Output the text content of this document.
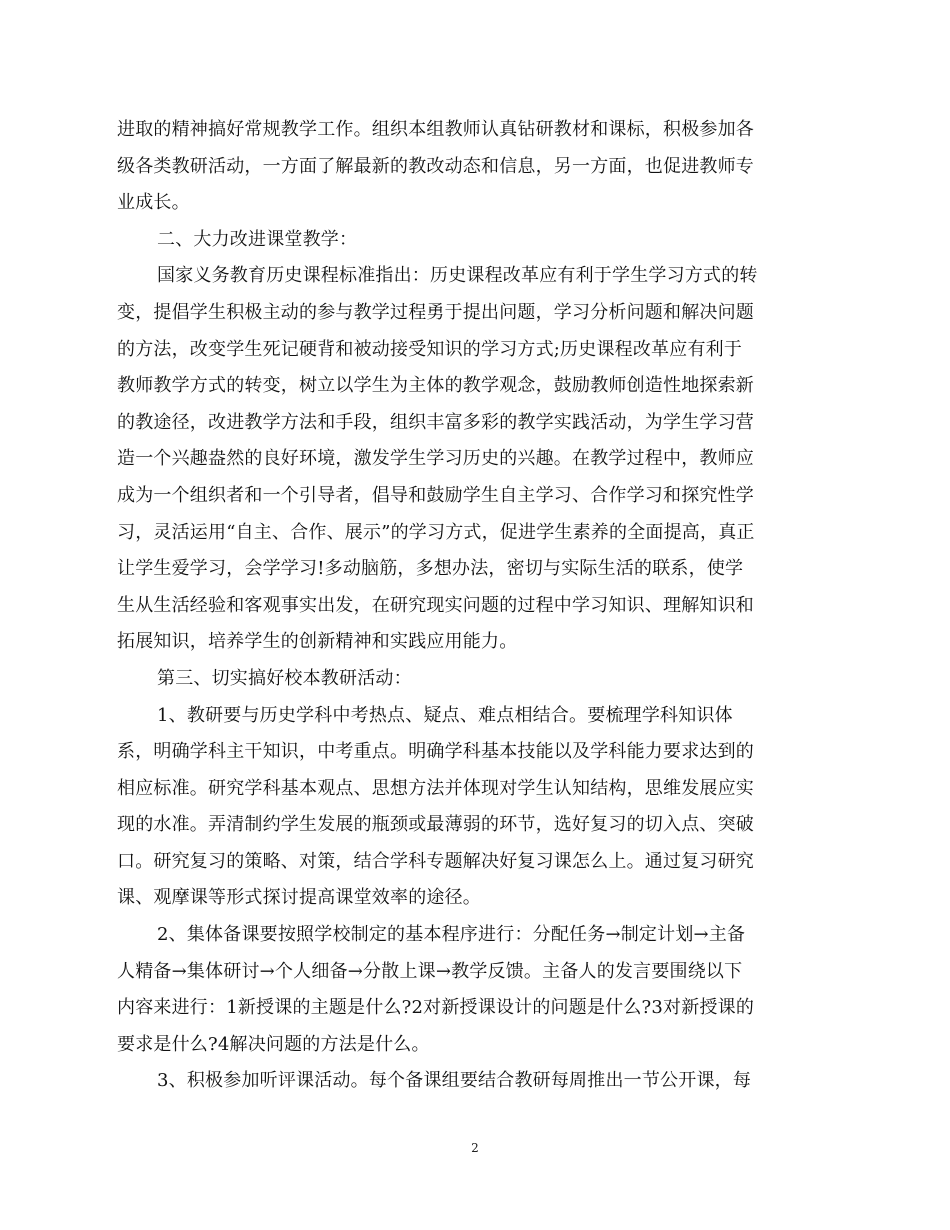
进取的精神搞好常规教学工作。组织本组教师认真钻研教材和课标，积极参加各
级各类教研活动，一方面了解最新的教改动态和信息，另一方面，也促进教师专
业成长。
二、大力改进课堂教学：
国家义务教育历史课程标准指出：历史课程改革应有利于学生学习方式的转
变，提倡学生积极主动的参与教学过程勇于提出问题，学习分析问题和解决问题
的方法，改变学生死记硬背和被动接受知识的学习方式;历史课程改革应有利于
教师教学方式的转变，树立以学生为主体的教学观念，鼓励教师创造性地探索新
的教途径，改进教学方法和手段，组织丰富多彩的教学实践活动，为学生学习营
造一个兴趣盎然的良好环境，激发学生学习历史的兴趣。在教学过程中，教师应
成为一个组织者和一个引导者，倡导和鼓励学生自主学习、合作学习和探究性学
习，灵活运用“自主、合作、展示”的学习方式，促进学生素养的全面提高，真正
让学生爱学习，会学学习!多动脑筋，多想办法，密切与实际生活的联系，使学
生从生活经验和客观事实出发，在研究现实问题的过程中学习知识、理解知识和
拓展知识，培养学生的创新精神和实践应用能力。
第三、切实搞好校本教研活动：
1、教研要与历史学科中考热点、疑点、难点相结合。要梳理学科知识体
系，明确学科主干知识，中考重点。明确学科基本技能以及学科能力要求达到的
相应标准。研究学科基本观点、思想方法并体现对学生认知结构，思维发展应实
现的水准。弄清制约学生发展的瓶颈或最薄弱的环节，选好复习的切入点、突破
口。研究复习的策略、对策，结合学科专题解决好复习课怎么上。通过复习研究
课、观摩课等形式探讨提高课堂效率的途径。
2、集体备课要按照学校制定的基本程序进行：分配任务→制定计划→主备
人精备→集体研讨→个人细备→分散上课→教学反馈。主备人的发言要围绕以下
内容来进行：1新授课的主题是什么?2对新授课设计的问题是什么?3对新授课的
要求是什么?4解决问题的方法是什么。
3、积极参加听评课活动。每个备课组要结合教研每周推出一节公开课，每
2
